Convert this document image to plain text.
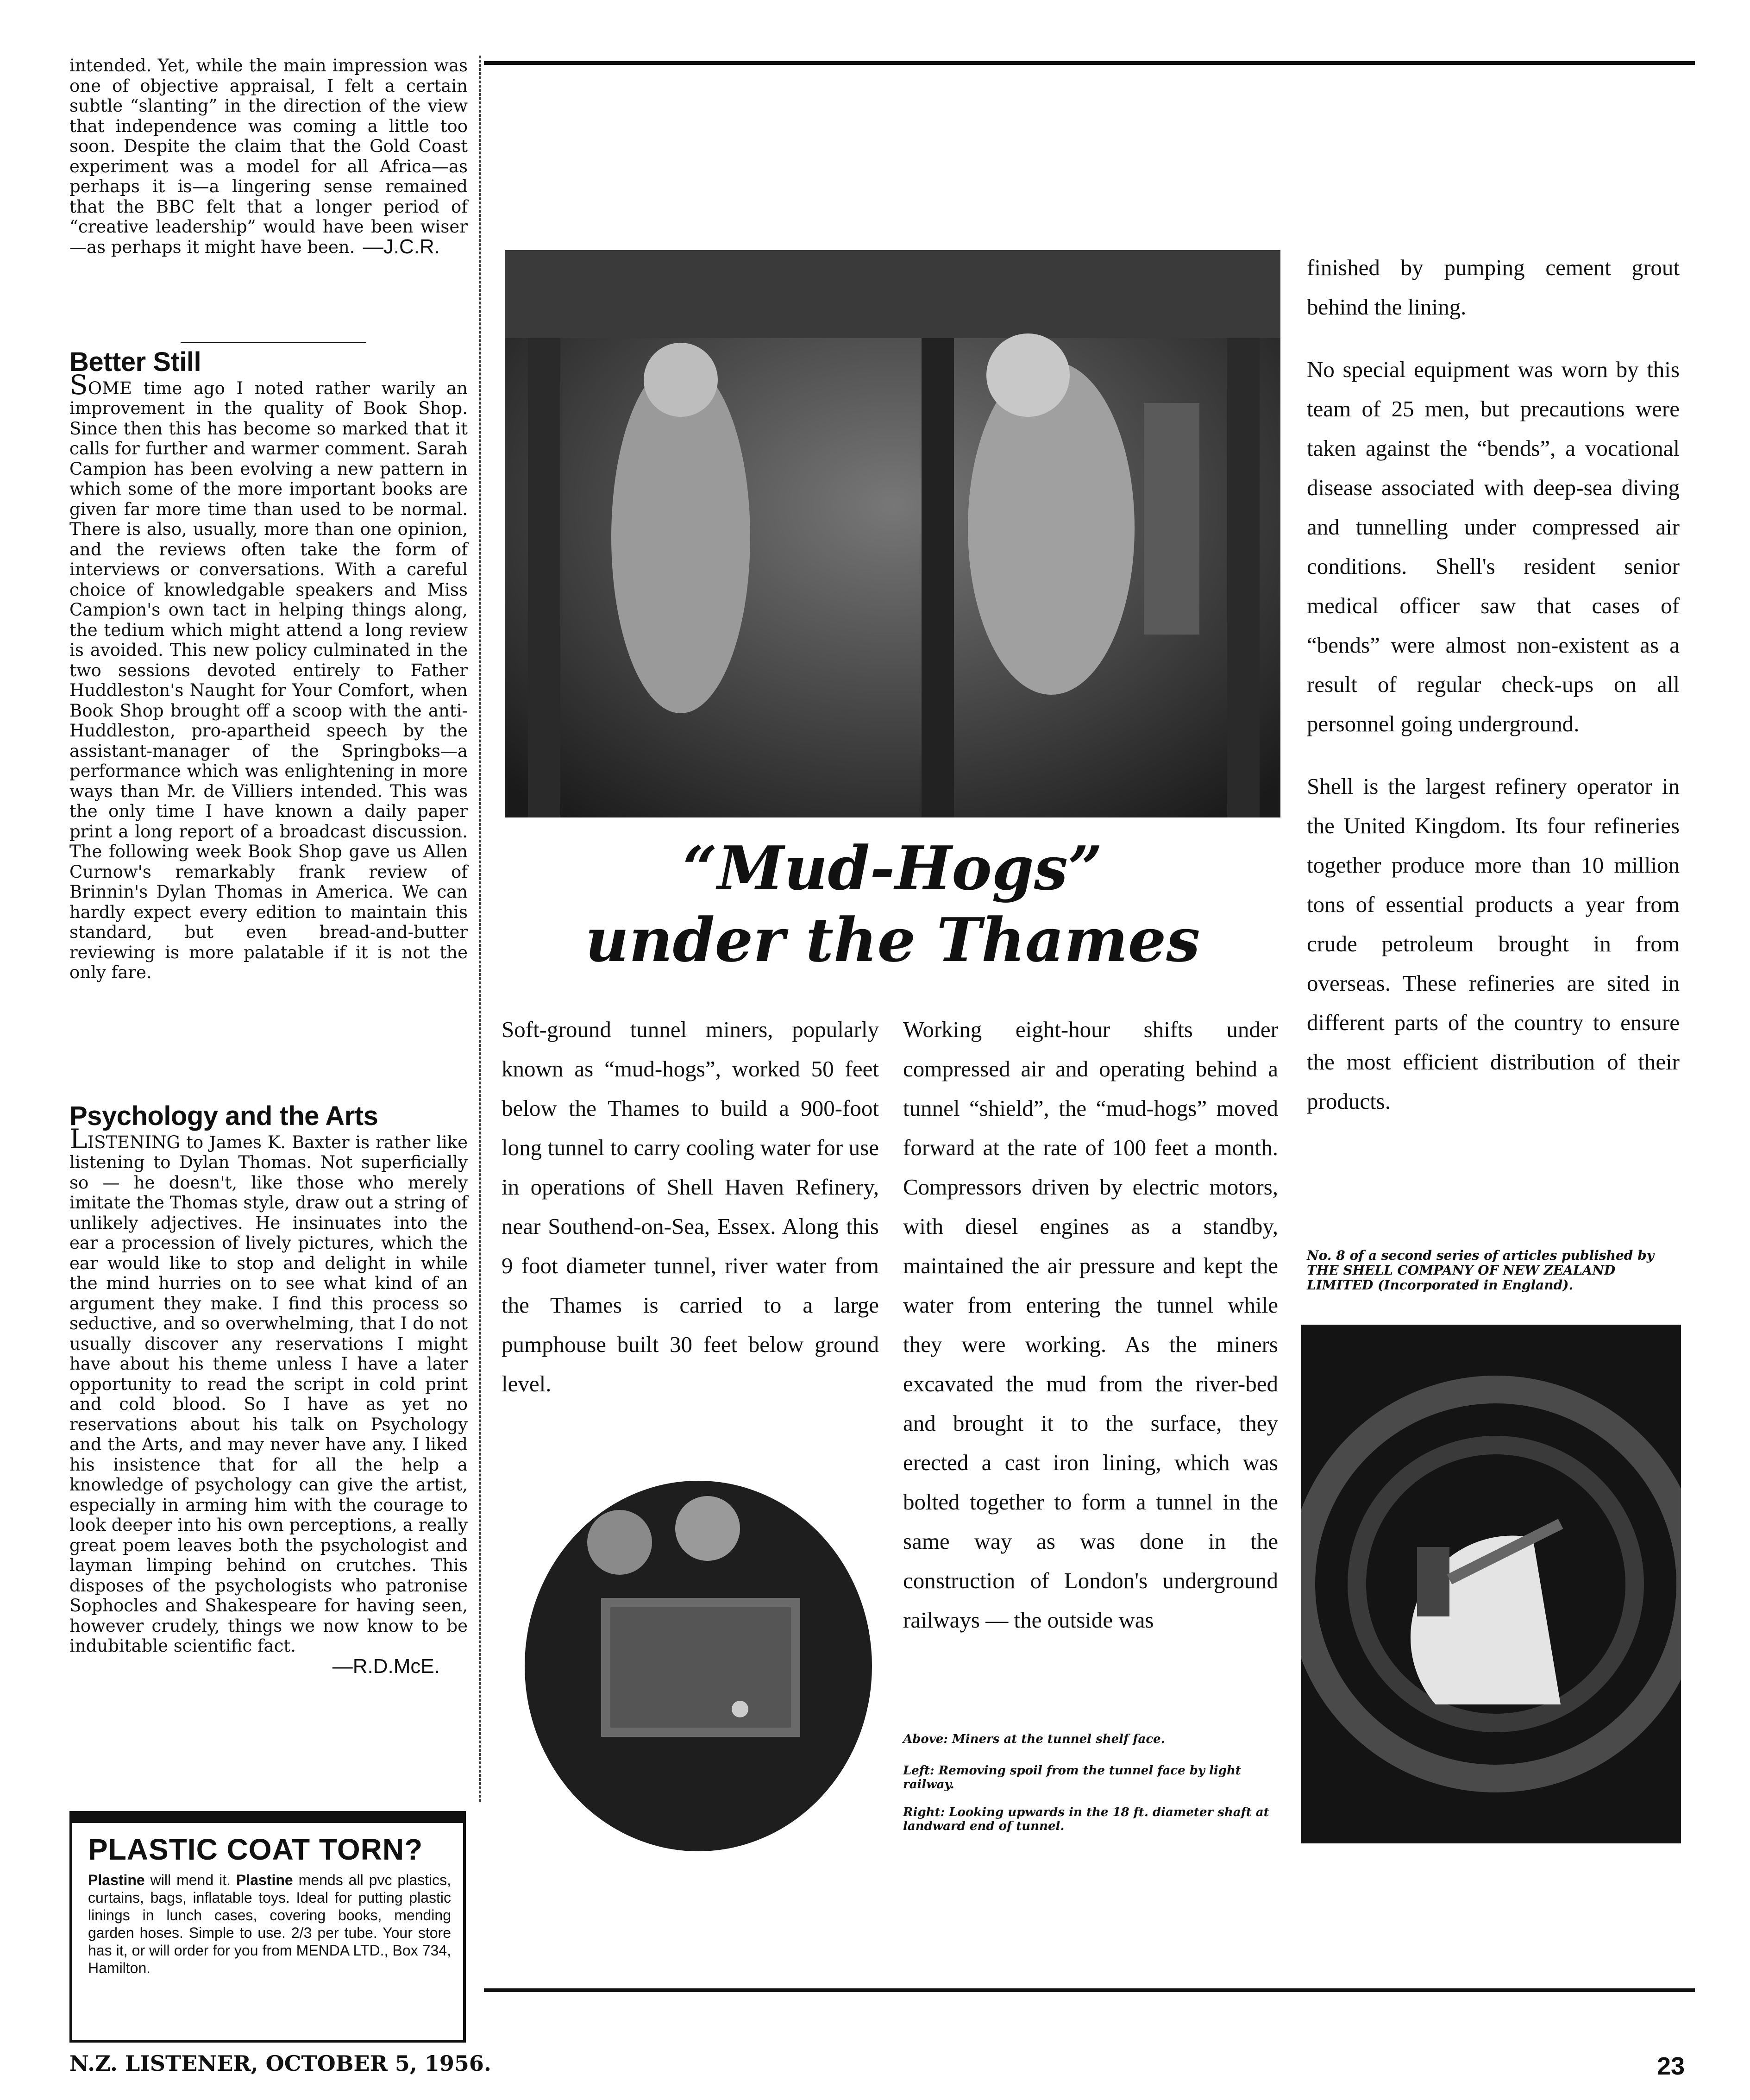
intended. Yet, while the main impression was one of objective appraisal, I felt a certain subtle “slanting” in the direction of the view that independence was coming a little too soon. Despite the claim that the Gold Coast experiment was a model for all Africa—as perhaps it is—a lingering sense remained that the BBC felt that a longer period of “creative leadership” would have been wiser—as perhaps it might have been. —J.C.R.
Better Still

SOME time ago I noted rather warily an improvement in the quality of Book Shop. Since then this has become so marked that it calls for further and warmer comment. Sarah Campion has been evolving a new pattern in which some of the more important books are given far more time than used to be normal. There is also, usually, more than one opinion, and the reviews often take the form of interviews or conversations. With a careful choice of knowledgable speakers and Miss Campion's own tact in helping things along, the tedium which might attend a long review is avoided. This new policy culminated in the two sessions devoted entirely to Father Huddleston's Naught for Your Comfort, when Book Shop brought off a scoop with the anti-Huddleston, pro-apartheid speech by the assistant-manager of the Springboks—a performance which was enlightening in more ways than Mr. de Villiers intended. This was the only time I have known a daily paper print a long report of a broadcast discussion. The following week Book Shop gave us Allen Curnow's remarkably frank review of Brinnin's Dylan Thomas in America. We can hardly expect every edition to maintain this standard, but even bread-and-butter reviewing is more palatable if it is not the only fare.

Psychology and the Arts

LISTENING to James K. Baxter is rather like listening to Dylan Thomas. Not superficially so — he doesn't, like those who merely imitate the Thomas style, draw out a string of unlikely adjectives. He insinuates into the ear a procession of lively pictures, which the ear would like to stop and delight in while the mind hurries on to see what kind of an argument they make. I find this process so seductive, and so overwhelming, that I do not usually discover any reservations I might have about his theme unless I have a later opportunity to read the script in cold print and cold blood. So I have as yet no reservations about his talk on Psychology and the Arts, and may never have any. I liked his insistence that for all the help a knowledge of psychology can give the artist, especially in arming him with the courage to look deeper into his own perceptions, a really great poem leaves both the psychologist and layman limping behind on crutches. This disposes of the psychologists who patronise Sophocles and Shakespeare for having seen, however crudely, things we now know to be indubitable scientific fact.

—R.D.McE.
PLASTIC COAT TORN?
Plastine will mend it. Plastine mends all pvc plastics, curtains, bags, inflatable toys. Ideal for putting plastic linings in lunch cases, covering books, mending garden hoses. Simple to use. 2/3 per tube. Your store has it, or will order for you from MENDA LTD., Box 734, Hamilton.
“Mud-Hogs”
under the Thames

Soft-ground tunnel miners, popularly known as “mud-hogs”, worked 50 feet below the Thames to build a 900-foot long tunnel to carry cooling water for use in operations of Shell Haven Refinery, near Southend-on-Sea, Essex. Along this 9 foot diameter tunnel, river water from the Thames is carried to a large pumphouse built 30 feet below ground level.

Working eight-hour shifts under compressed air and operating behind a tunnel “shield”, the “mud-hogs” moved forward at the rate of 100 feet a month. Compressors driven by electric motors, with diesel engines as a standby, maintained the air pressure and kept the water from entering the tunnel while they were working. As the miners excavated the mud from the river-bed and brought it to the surface, they erected a cast iron lining, which was bolted together to form a tunnel in the same way as was done in the construction of London's underground railways — the outside was

finished by pumping cement grout behind the lining.

No special equipment was worn by this team of 25 men, but precautions were taken against the “bends”, a vocational disease associated with deep-sea diving and tunnelling under compressed air conditions. Shell's resident senior medical officer saw that cases of “bends” were almost non-existent as a result of regular check-ups on all personnel going underground.

Shell is the largest refinery operator in the United Kingdom. Its four refineries together produce more than 10 million tons of essential products a year from crude petroleum brought in from overseas. These refineries are sited in different parts of the country to ensure the most efficient distribution of their products.

No. 8 of a second series of articles published by THE SHELL COMPANY OF NEW ZEALAND LIMITED (Incorporated in England).
Above: Miners at the tunnel shelf face.
Left: Removing spoil from the tunnel face by light railway.
Right: Looking upwards in the 18 ft. diameter shaft at landward end of tunnel.
N.Z. LISTENER, OCTOBER 5, 1956.	23
